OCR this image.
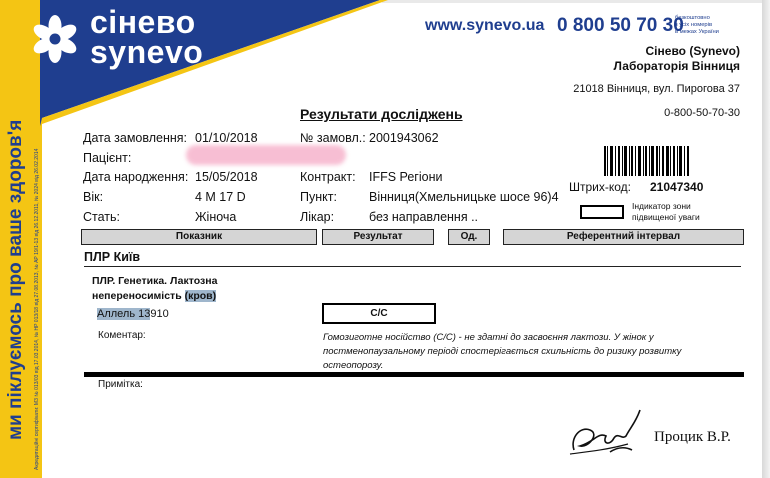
сінево
synevo
ми піклуємось про ваше здоров'я Акредитаційні сертифікати: МЗ № 013/03 від 17.03.2014, № НР 013/18 від 27.08.2013, № АР 19/1-13 від 26.12.2011, № 2024 від 26.02.2014
www.synevo.ua 0 800 50 70 30
безкоштовно
з усіх номерів
в межах України
Сінево (Synevo)
Лабораторія Вінниця
21018 Вінниця, вул. Пирогова 37
0-800-50-70-30
Результати досліджень
Дата замовлення: 01/10/2018	№ замовл.: 2001943062
Пацієнт:
Дата народження: 15/05/2018	Контракт: IFFS Регіони
Вік:	4 M 17 D	Пункт:	Вінниця(Хмельницьке шосе 96)4
Стать:	Жіноча	Лікар:	без направлення ..
Штрих-код: 21047340
Індикатор зони
підвищеної уваги
Показник	Результат	Од.	Референтний інтервал
ПЛР Київ
ПЛР. Генетика. Лактозна
непереносимість (кров)
Аллель 13910	C/C
Коментар:	Гомозиготне носійство (C/C) - не здатні до засвоєння лактози. У жінок у
постменопаузальному періоді спостерігається схильність до ризику розвитку
остеопорозу.
Примітка:
Процик В.Р.
